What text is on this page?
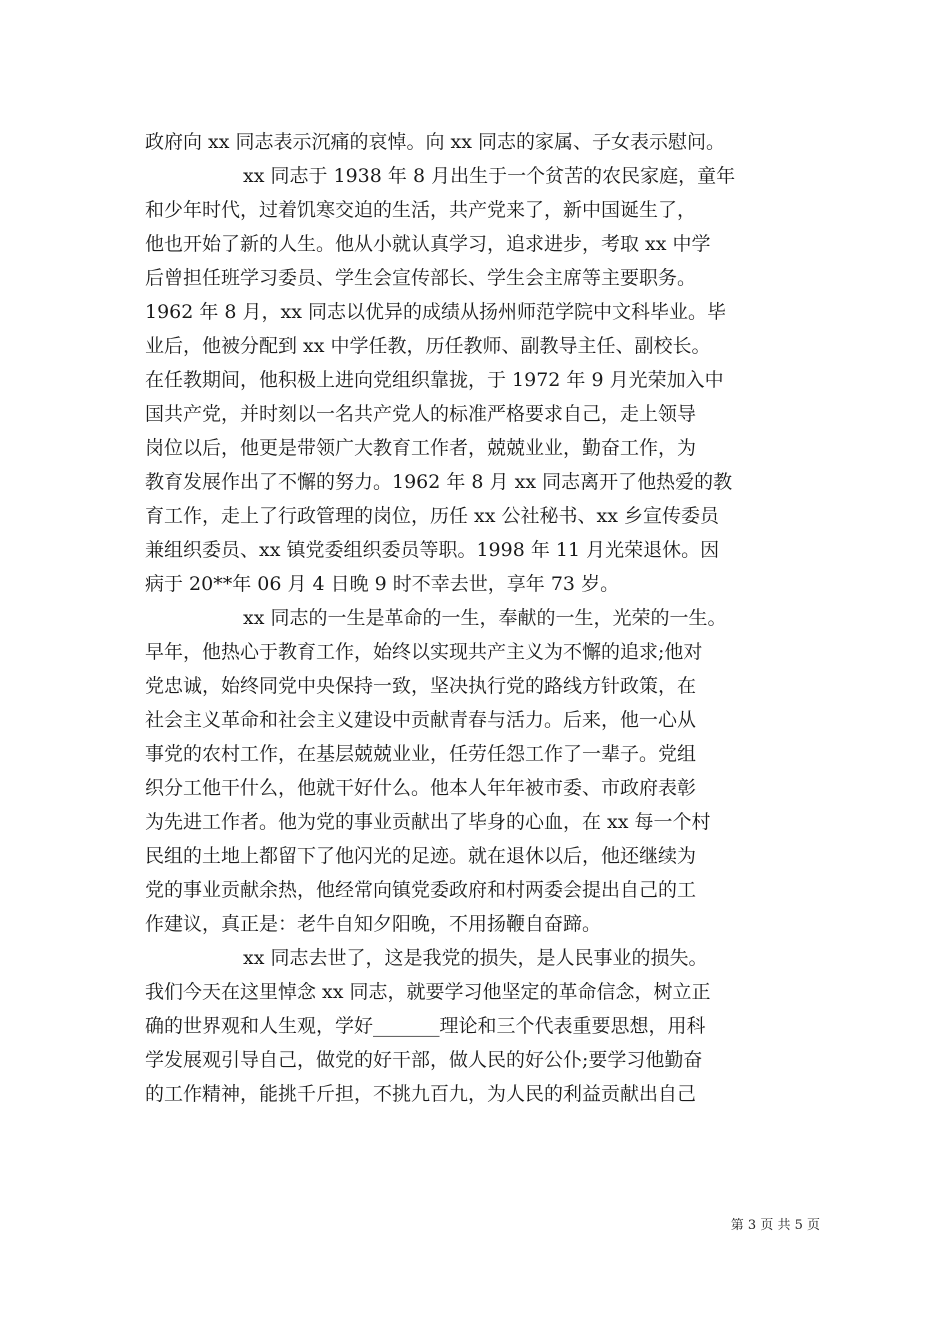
政府向 xx 同志表示沉痛的哀悼。向 xx 同志的家属、子女表示慰问。
xx 同志于 1938 年 8 月出生于一个贫苦的农民家庭，童年
和少年时代，过着饥寒交迫的生活，共产党来了，新中国诞生了，
他也开始了新的人生。他从小就认真学习，追求进步，考取 xx 中学
后曾担任班学习委员、学生会宣传部长、学生会主席等主要职务。
1962 年 8 月，xx 同志以优异的成绩从扬州师范学院中文科毕业。毕
业后，他被分配到 xx 中学任教，历任教师、副教导主任、副校长。
在任教期间，他积极上进向党组织靠拢，于 1972 年 9 月光荣加入中
国共产党，并时刻以一名共产党人的标准严格要求自己，走上领导
岗位以后，他更是带领广大教育工作者，兢兢业业，勤奋工作，为
教育发展作出了不懈的努力。1962 年 8 月 xx 同志离开了他热爱的教
育工作，走上了行政管理的岗位，历任 xx 公社秘书、xx 乡宣传委员
兼组织委员、xx 镇党委组织委员等职。1998 年 11 月光荣退休。因
病于 20**年 06 月 4 日晚 9 时不幸去世，享年 73 岁。
xx 同志的一生是革命的一生，奉献的一生，光荣的一生。
早年，他热心于教育工作，始终以实现共产主义为不懈的追求;他对
党忠诚，始终同党中央保持一致，坚决执行党的路线方针政策，在
社会主义革命和社会主义建设中贡献青春与活力。后来，他一心从
事党的农村工作，在基层兢兢业业，任劳任怨工作了一辈子。党组
织分工他干什么，他就干好什么。他本人年年被市委、市政府表彰
为先进工作者。他为党的事业贡献出了毕身的心血，在 xx 每一个村
民组的土地上都留下了他闪光的足迹。就在退休以后，他还继续为
党的事业贡献余热，他经常向镇党委政府和村两委会提出自己的工
作建议，真正是：老牛自知夕阳晚，不用扬鞭自奋蹄。
xx 同志去世了，这是我党的损失，是人民事业的损失。
我们今天在这里悼念 xx 同志，就要学习他坚定的革命信念，树立正
确的世界观和人生观，学好_______理论和三个代表重要思想，用科
学发展观引导自己，做党的好干部，做人民的好公仆;要学习他勤奋
的工作精神，能挑千斤担，不挑九百九，为人民的利益贡献出自己
第 3 页 共 5 页
